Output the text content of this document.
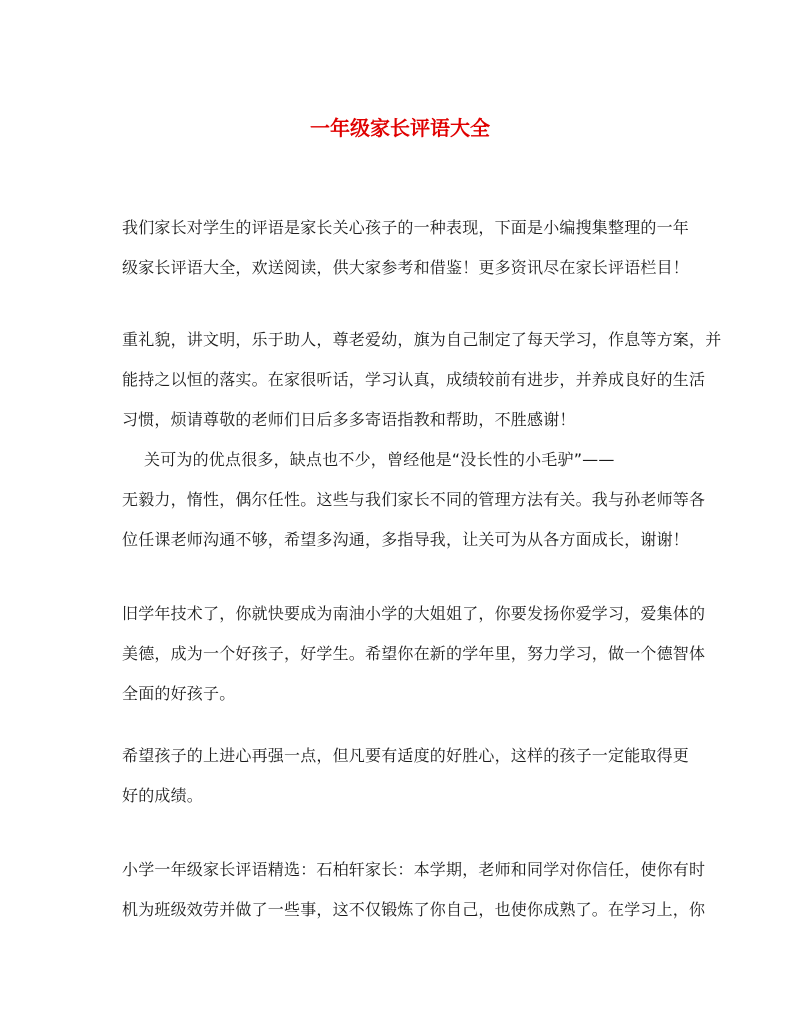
一年级家长评语大全

我们家长对学生的评语是家长关心孩子的一种表现，下面是小编搜集整理的一年
级家长评语大全，欢送阅读，供大家参考和借鉴！更多资讯尽在家长评语栏目！

重礼貌，讲文明，乐于助人，尊老爱幼，旗为自己制定了每天学习，作息等方案，并
能持之以恒的落实。在家很听话，学习认真，成绩较前有进步，并养成良好的生活
习惯，烦请尊敬的老师们日后多多寄语指教和帮助，不胜感谢！

关可为的优点很多，缺点也不少，曾经他是“没长性的小毛驴”——
无毅力，惰性，偶尔任性。这些与我们家长不同的管理方法有关。我与孙老师等各
位任课老师沟通不够，希望多沟通，多指导我，让关可为从各方面成长，谢谢！

旧学年技术了，你就快要成为南油小学的大姐姐了，你要发扬你爱学习，爱集体的
美德，成为一个好孩子，好学生。希望你在新的学年里，努力学习，做一个德智体
全面的好孩子。

希望孩子的上进心再强一点，但凡要有适度的好胜心，这样的孩子一定能取得更
好的成绩。

小学一年级家长评语精选：石柏轩家长：本学期，老师和同学对你信任，使你有时
机为班级效劳并做了一些事，这不仅锻炼了你自己，也使你成熟了。在学习上，你
